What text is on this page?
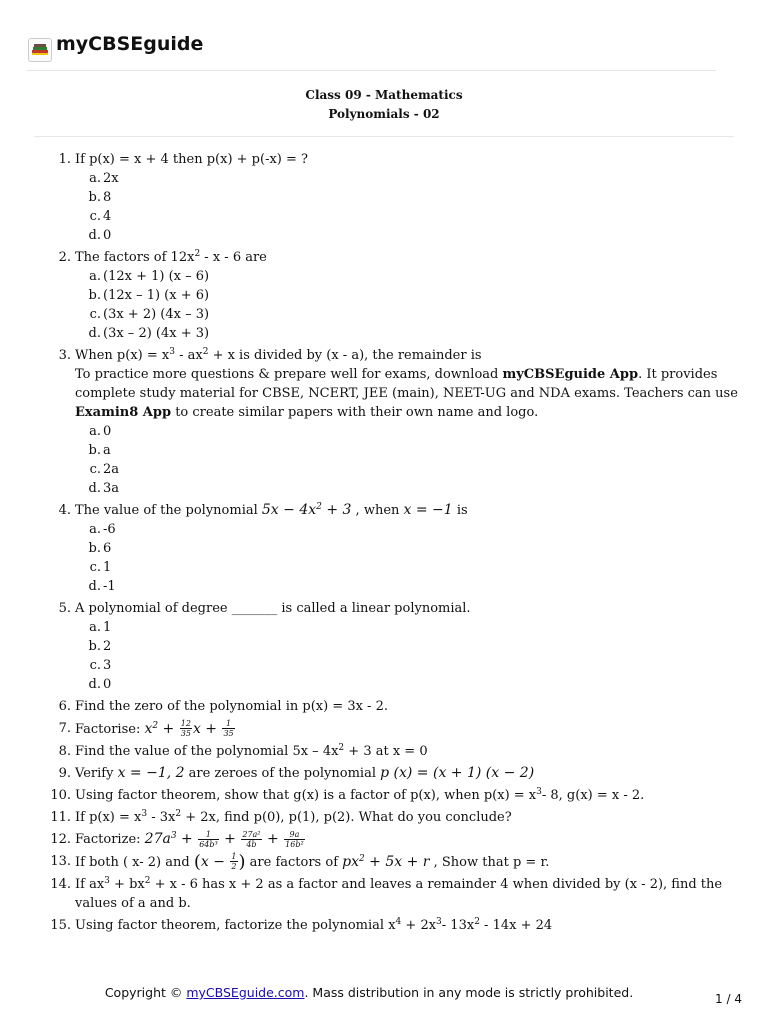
myCBSEguide
Class 09 - Mathematics
Polynomials - 02
1. If p(x) = x + 4 then p(x) + p(-x) = ?
a. 2x
b. 8
c. 4
d. 0
2. The factors of $12x^2$ - x - 6 are
a. (12x + 1) (x – 6)
b. (12x – 1) (x + 6)
c. (3x + 2) (4x – 3)
d. (3x – 2) (4x + 3)
3. When $p(x) = x^3 - ax^2 + x$ is divided by (x - a), the remainder is
To practice more questions & prepare well for exams, download myCBSEguide App. It provides complete study material for CBSE, NCERT, JEE (main), NEET-UG and NDA exams. Teachers can use Examin8 App to create similar papers with their own name and logo.
a. 0
b. a
c. 2a
d. 3a
4. The value of the polynomial $5x - 4x^2 + 3$ , when x = −1 is
a. -6
b. 6
c. 1
d. -1
5. A polynomial of degree _______ is called a linear polynomial.
a. 1
b. 2
c. 3
d. 0
6. Find the zero of the polynomial in p(x) = 3x - 2.
7. Factorise: $x^2 + \frac{12}{35}$ $x + \frac{1}{35}$
8. Find the value of the polynomial $5x - 4x^2 + 3$ at x = 0
9. Verify x = −1, 2 are zeroes of the polynomial p (x) = (x + 1) (x − 2)
10. Using factor theorem, show that g(x) is a factor of p(x), when $p(x) = x^3-$ 8, g(x) = x - 2.
11. If $p(x) = x^3 - 3x^2 + 2x$, find p(0), p(1), p(2). What do you conclude?
12. Factorize: $27a^3 + \frac{1}{\text{64b³}} + \frac{\text{27a²}}{4b} + \frac{9a}{\text{16b²}}$
13. If both ( x- 2) and ($x - \frac{1}{2}$ ) are factors of $px^2 + 5x + r$ , Show that p = r.
14. If $ax^3 + bx^2 + x - 6$ has x + 2 as a factor and leaves a remainder 4 when divided by (x - 2), find the values of a and b.
15. Using factor theorem, factorize the polynomial $x^4 + 2x^3-$ $13x^2 - 14x + 24$
Copyright © myCBSEguide.com. Mass distribution in any mode is strictly prohibited.	1 / 4
